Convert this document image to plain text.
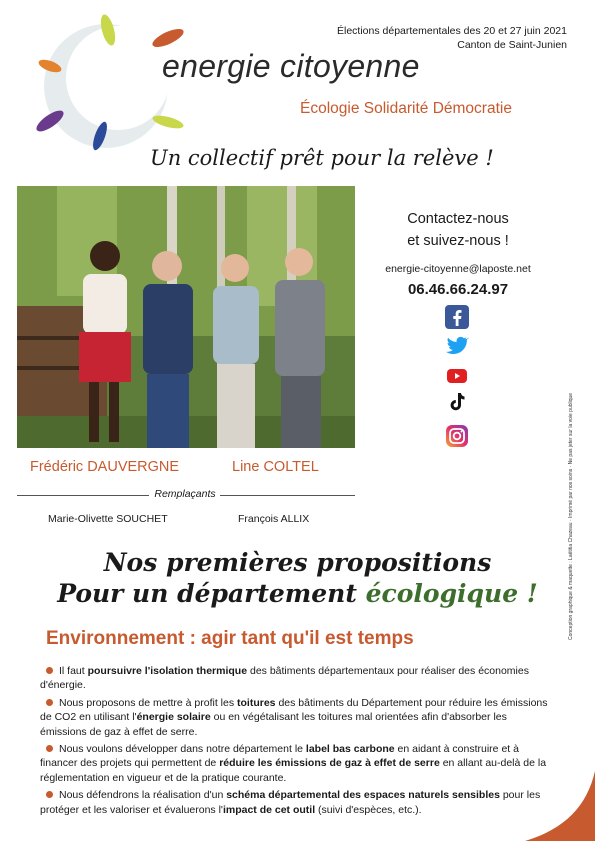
energie citoyenne
Élections départementales des 20 et 27 juin 2021
Canton de Saint-Junien
Écologie Solidarité Démocratie
Un collectif prêt pour la relève !
Contactez-nous
et suivez-nous !
energie-citoyenne@laposte.net
06.46.66.24.97
Frédéric DAUVERGNE	Line COLTEL
Remplaçants
Marie-Olivette SOUCHET	François ALLIX	Conception graphique & maquette : Laëtitia Chazeau · Imprimé par nos soins · Ne pas jeter sur la voie publique
Nos premières propositions
Pour un département écologique !
Environnement : agir tant qu'il est temps

Il faut poursuivre l'isolation thermique des bâtiments départementaux pour réaliser des économies d'énergie.

Nous proposons de mettre à profit les toitures des bâtiments du Département pour réduire les émissions de CO2 en utilisant l'énergie solaire ou en végétalisant les toitures mal orientées afin d'absorber les émissions de gaz à effet de serre.

Nous voulons développer dans notre département le label bas carbone en aidant à construire et à financer des projets qui permettent de réduire les émissions de gaz à effet de serre en allant au-delà de la réglementation en vigueur et de la pratique courante.

Nous défendrons la réalisation d'un schéma départemental des espaces naturels sensibles pour les protéger et les valoriser et évaluerons l'impact de cet outil (suivi d'espèces, etc.).
